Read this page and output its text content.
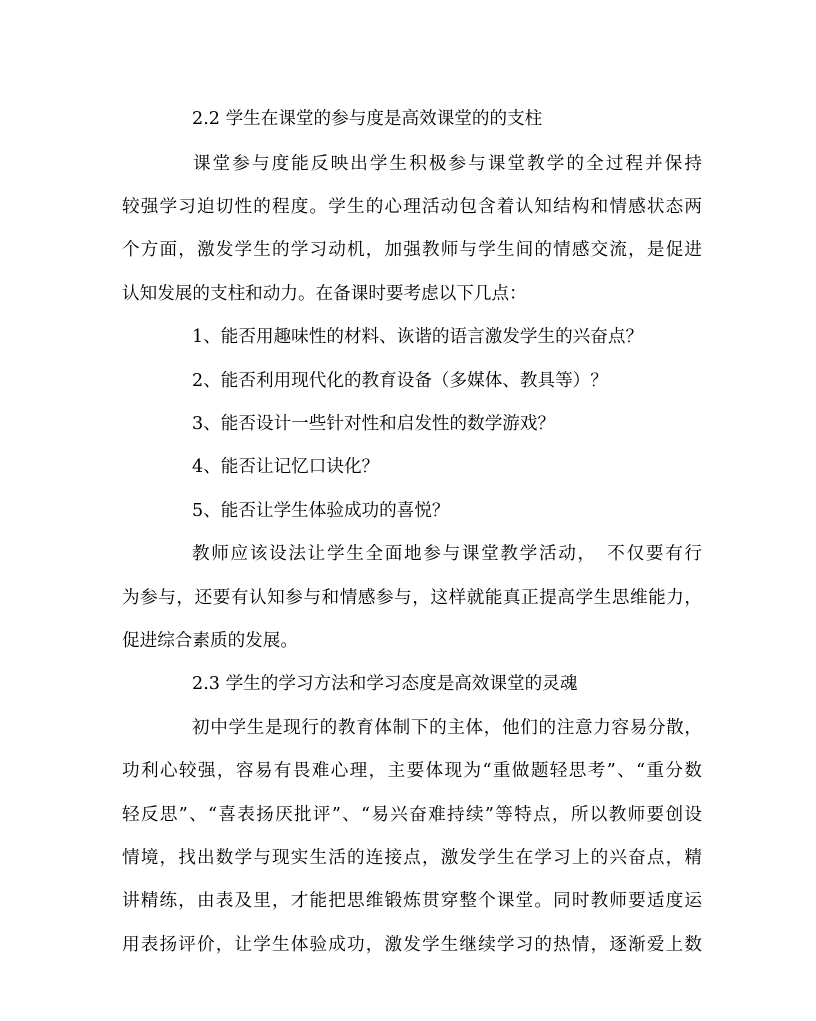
2.2 学生在课堂的参与度是高效课堂的的支柱
课堂参与度能反映出学生积极参与课堂教学的全过程并保持
较强学习迫切性的程度。学生的心理活动包含着认知结构和情感状态两
个方面，激发学生的学习动机，加强教师与学生间的情感交流，是促进
认知发展的支柱和动力。在备课时要考虑以下几点：
1、能否用趣味性的材料、诙谐的语言激发学生的兴奋点？
2、能否利用现代化的教育设备（多媒体、教具等）？
3、能否设计一些针对性和启发性的数学游戏？
4、能否让记忆口诀化？
5、能否让学生体验成功的喜悦？
教师应该设法让学生全面地参与课堂教学活动，　不仅要有行
为参与，还要有认知参与和情感参与，这样就能真正提高学生思维能力，
促进综合素质的发展。
2.3 学生的学习方法和学习态度是高效课堂的灵魂
初中学生是现行的教育体制下的主体，他们的注意力容易分散，
功利心较强，容易有畏难心理，主要体现为“重做题轻思考”、“重分数
轻反思”、“喜表扬厌批评”、“易兴奋难持续”等特点，所以教师要创设
情境，找出数学与现实生活的连接点，激发学生在学习上的兴奋点，精
讲精练，由表及里，才能把思维锻炼贯穿整个课堂。同时教师要适度运
用表扬评价，让学生体验成功，激发学生继续学习的热情，逐渐爱上数
